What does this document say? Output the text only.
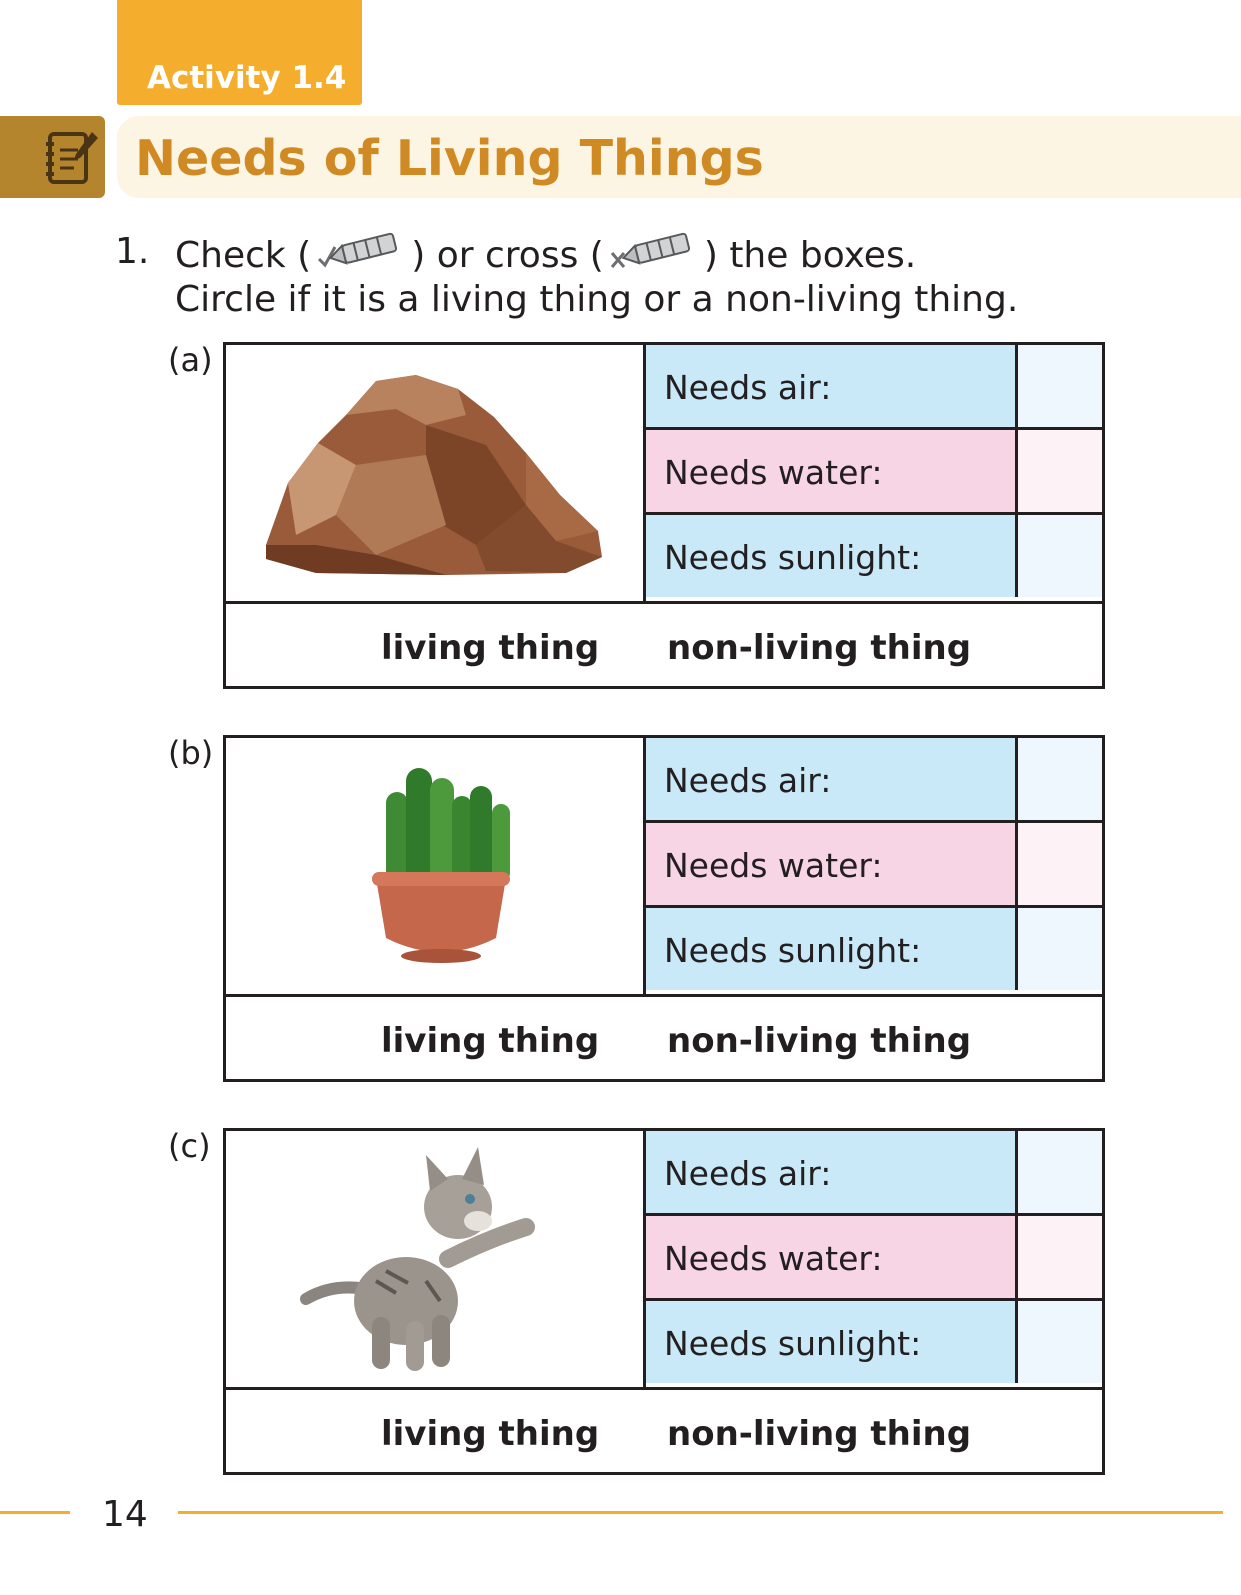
Activity 1.4
Needs of Living Things
1. Check (	) or cross (	) the boxes.
Circle if it is a living thing or a non-living thing.
(a)
Needs air:
Needs water:
Needs sunlight:
living thing non-living thing
(b)
Needs air:
Needs water:
Needs sunlight:
living thing non-living thing
(c)
Needs air:
Needs water:
Needs sunlight:
living thing non-living thing
14
